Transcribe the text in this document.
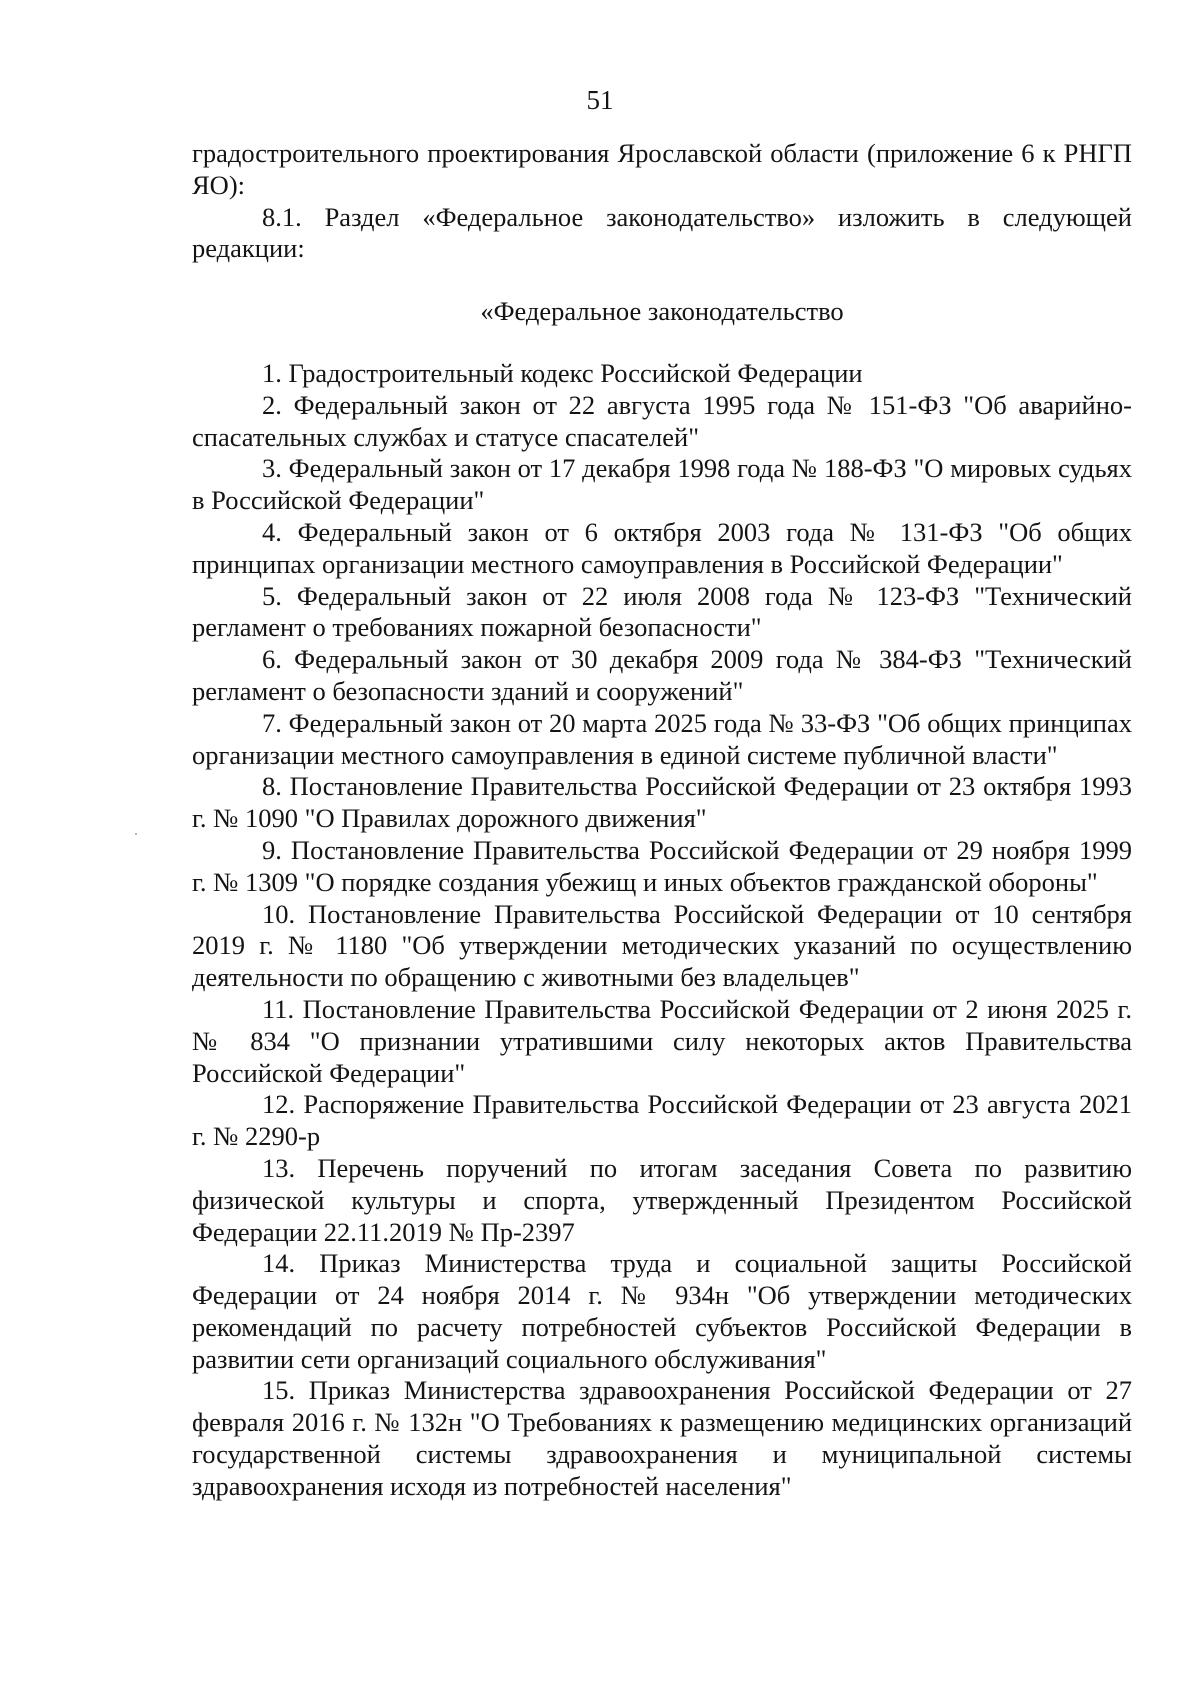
51

градостроительного проектирования Ярославской области (приложение 6 к РНГП ЯО):

8.1. Раздел «Федеральное законодательство» изложить в следующей редакции:

«Федеральное законодательство

1. Градостроительный кодекс Российской Федерации
2. Федеральный закон от 22 августа 1995 года № 151-ФЗ "Об аварийно-спасательных службах и статусе спасателей"
3. Федеральный закон от 17 декабря 1998 года № 188-ФЗ "О мировых судьях в Российской Федерации"
4. Федеральный закон от 6 октября 2003 года № 131-ФЗ "Об общих принципах организации местного самоуправления в Российской Федерации"
5. Федеральный закон от 22 июля 2008 года № 123-ФЗ "Технический регламент о требованиях пожарной безопасности"
6. Федеральный закон от 30 декабря 2009 года № 384-ФЗ "Технический регламент о безопасности зданий и сооружений"
7. Федеральный закон от 20 марта 2025 года № 33-ФЗ "Об общих принципах организации местного самоуправления в единой системе публичной власти"
8. Постановление Правительства Российской Федерации от 23 октября 1993 г. № 1090 "О Правилах дорожного движения"
9. Постановление Правительства Российской Федерации от 29 ноября 1999 г. № 1309 "О порядке создания убежищ и иных объектов гражданской обороны"
10. Постановление Правительства Российской Федерации от 10 сентября 2019 г. № 1180 "Об утверждении методических указаний по осуществлению деятельности по обращению с животными без владельцев"
11. Постановление Правительства Российской Федерации от 2 июня 2025 г. № 834 "О признании утратившими силу некоторых актов Правительства Российской Федерации"
12. Распоряжение Правительства Российской Федерации от 23 августа 2021 г. № 2290-р
13. Перечень поручений по итогам заседания Совета по развитию физической культуры и спорта, утвержденный Президентом Российской Федерации 22.11.2019 № Пр-2397
14. Приказ Министерства труда и социальной защиты Российской Федерации от 24 ноября 2014 г. № 934н "Об утверждении методических рекомендаций по расчету потребностей субъектов Российской Федерации в развитии сети организаций социального обслуживания"
15. Приказ Министерства здравоохранения Российской Федерации от 27 февраля 2016 г. № 132н "О Требованиях к размещению медицинских организаций государственной системы здравоохранения и муниципальной системы здравоохранения исходя из потребностей населения"
